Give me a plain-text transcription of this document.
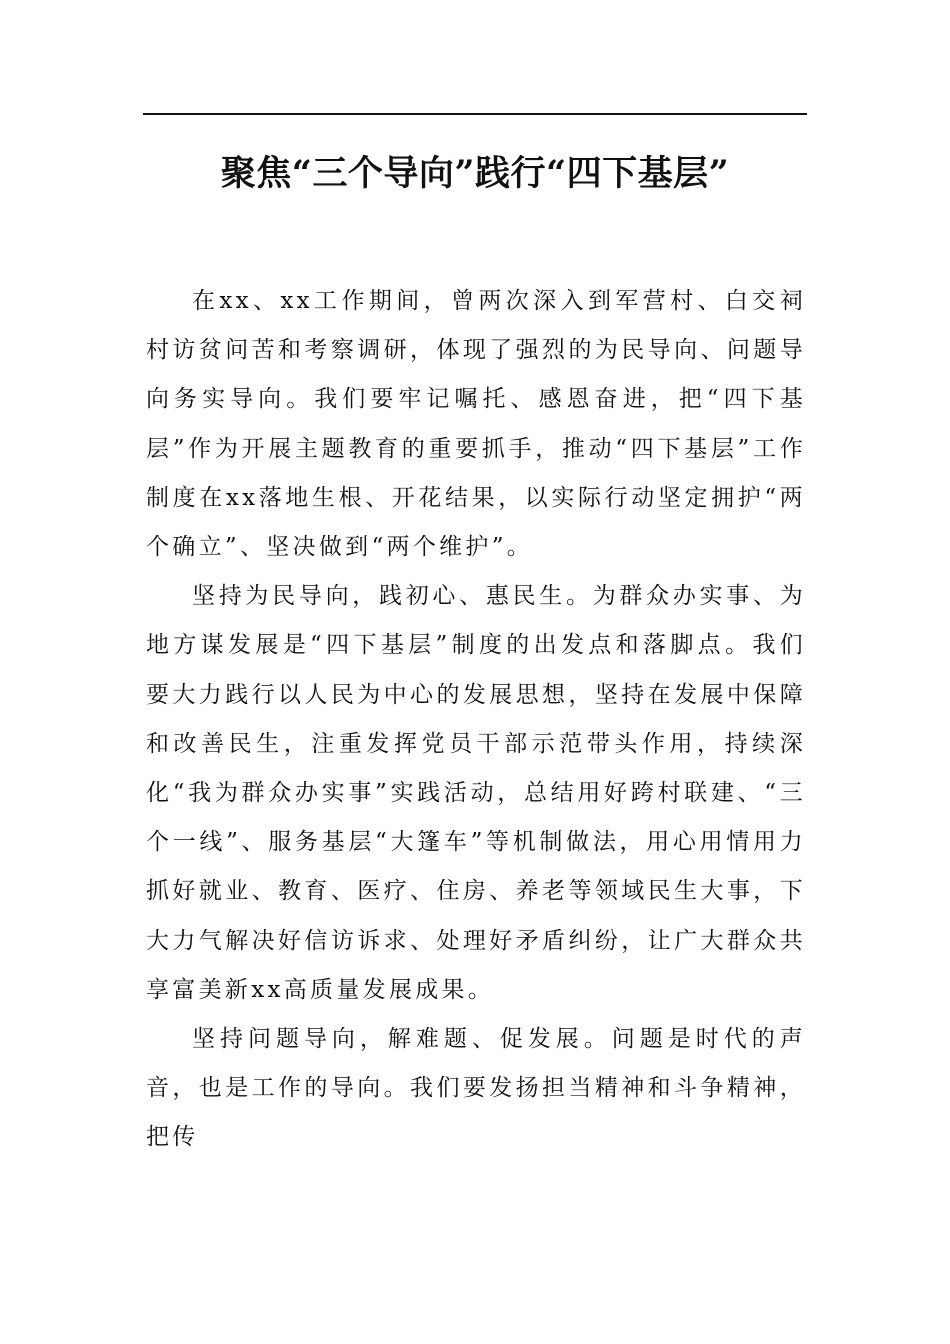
聚焦“三个导向”践行“四下基层”

在xx、xx工作期间，曾两次深入到军营村、白交祠村访贫问苦和考察调研，体现了强烈的为民导向、问题导向务实导向。我们要牢记嘱托、感恩奋进，把“四下基层”作为开展主题教育的重要抓手，推动“四下基层”工作制度在xx落地生根、开花结果，以实际行动坚定拥护“两个确立”、坚决做到“两个维护”。

坚持为民导向，践初心、惠民生。为群众办实事、为地方谋发展是“四下基层”制度的出发点和落脚点。我们要大力践行以人民为中心的发展思想，坚持在发展中保障和改善民生，注重发挥党员干部示范带头作用，持续深化“我为群众办实事”实践活动，总结用好跨村联建、“三个一线”、服务基层“大篷车”等机制做法，用心用情用力抓好就业、教育、医疗、住房、养老等领域民生大事，下大力气解决好信访诉求、处理好矛盾纠纷，让广大群众共享富美新xx高质量发展成果。

坚持问题导向，解难题、促发展。问题是时代的声音，也是工作的导向。我们要发扬担当精神和斗争精神，把传
